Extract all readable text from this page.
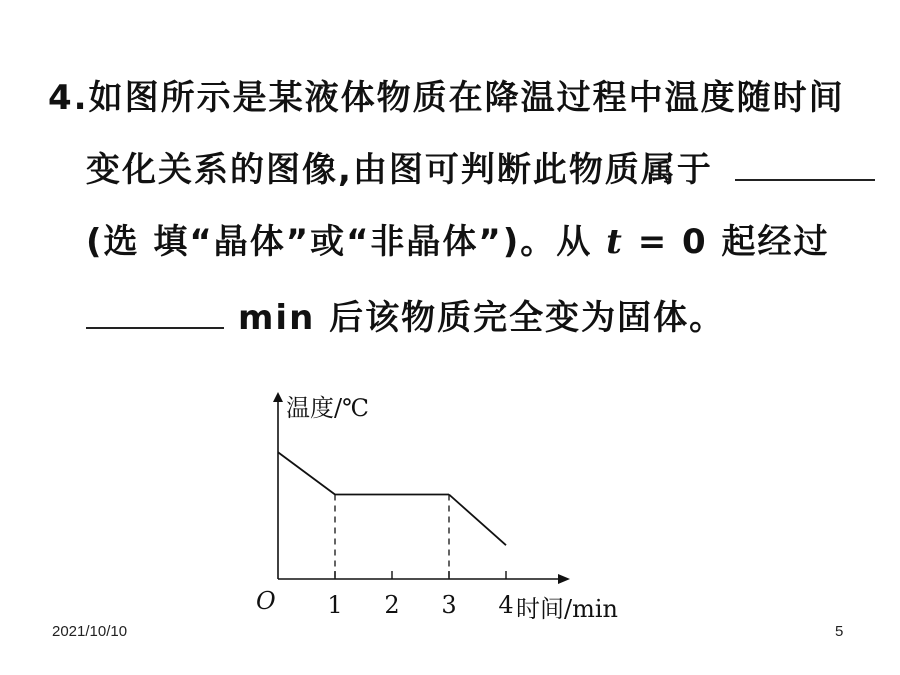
4.如图所示是某液体物质在降温过程中温度随时间
变化关系的图像,由图可判断此物质属于
(选 填“晶体”或“非晶体”)。从 t = 0 起经过
min 后该物质完全变为固体。
温度/℃
O 1 2 3 4 时间/min
2021/10/10	5
